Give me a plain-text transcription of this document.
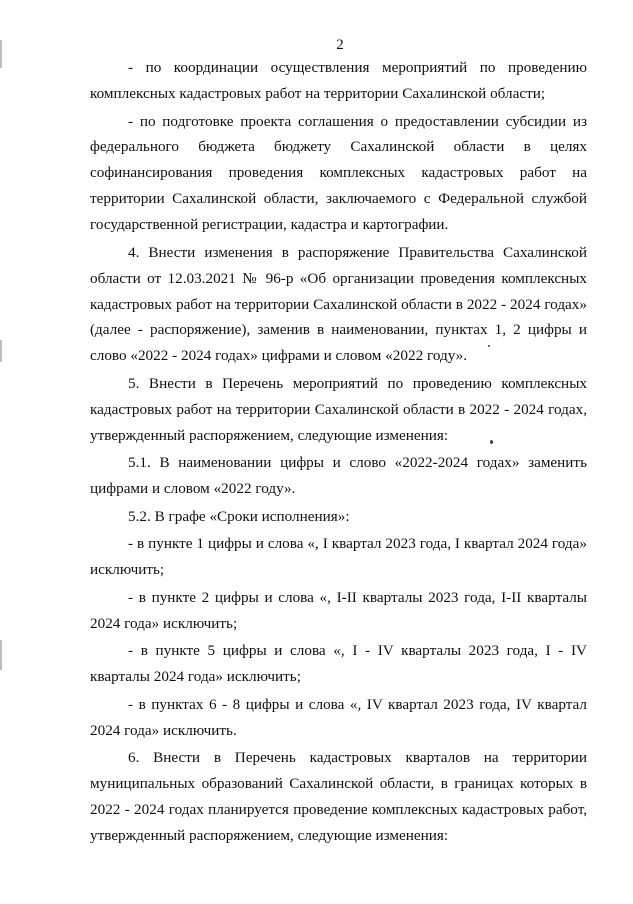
2

- по координации осуществления мероприятий по проведению комплексных кадастровых работ на территории Сахалинской области;

- по подготовке проекта соглашения о предоставлении субсидии из федерального бюджета бюджету Сахалинской области в целях софинансирования проведения комплексных кадастровых работ на территории Сахалинской области, заключаемого с Федеральной службой государственной регистрации, кадастра и картографии.

4. Внести изменения в распоряжение Правительства Сахалинской области от 12.03.2021 № 96-р «Об организации проведения комплексных кадастровых работ на территории Сахалинской области в 2022 - 2024 годах» (далее - распоряжение), заменив в наименовании, пунктах 1, 2 цифры и слово «2022 - 2024 годах» цифрами и словом «2022 году».

5. Внести в Перечень мероприятий по проведению комплексных кадастровых работ на территории Сахалинской области в 2022 - 2024 годах, утвержденный распоряжением, следующие изменения:

5.1. В наименовании цифры и слово «2022-2024 годах» заменить цифрами и словом «2022 году».

5.2. В графе «Сроки исполнения»:

- в пункте 1 цифры и слова «, I квартал 2023 года, I квартал 2024 года» исключить;

- в пункте 2 цифры и слова «, I-II кварталы 2023 года, I-II кварталы 2024 года» исключить;

- в пункте 5 цифры и слова «, I - IV кварталы 2023 года, I - IV кварталы 2024 года» исключить;

- в пунктах 6 - 8 цифры и слова «, IV квартал 2023 года, IV квартал 2024 года» исключить.

6. Внести в Перечень кадастровых кварталов на территории муниципальных образований Сахалинской области, в границах которых в 2022 - 2024 годах планируется проведение комплексных кадастровых работ, утвержденный распоряжением, следующие изменения:
